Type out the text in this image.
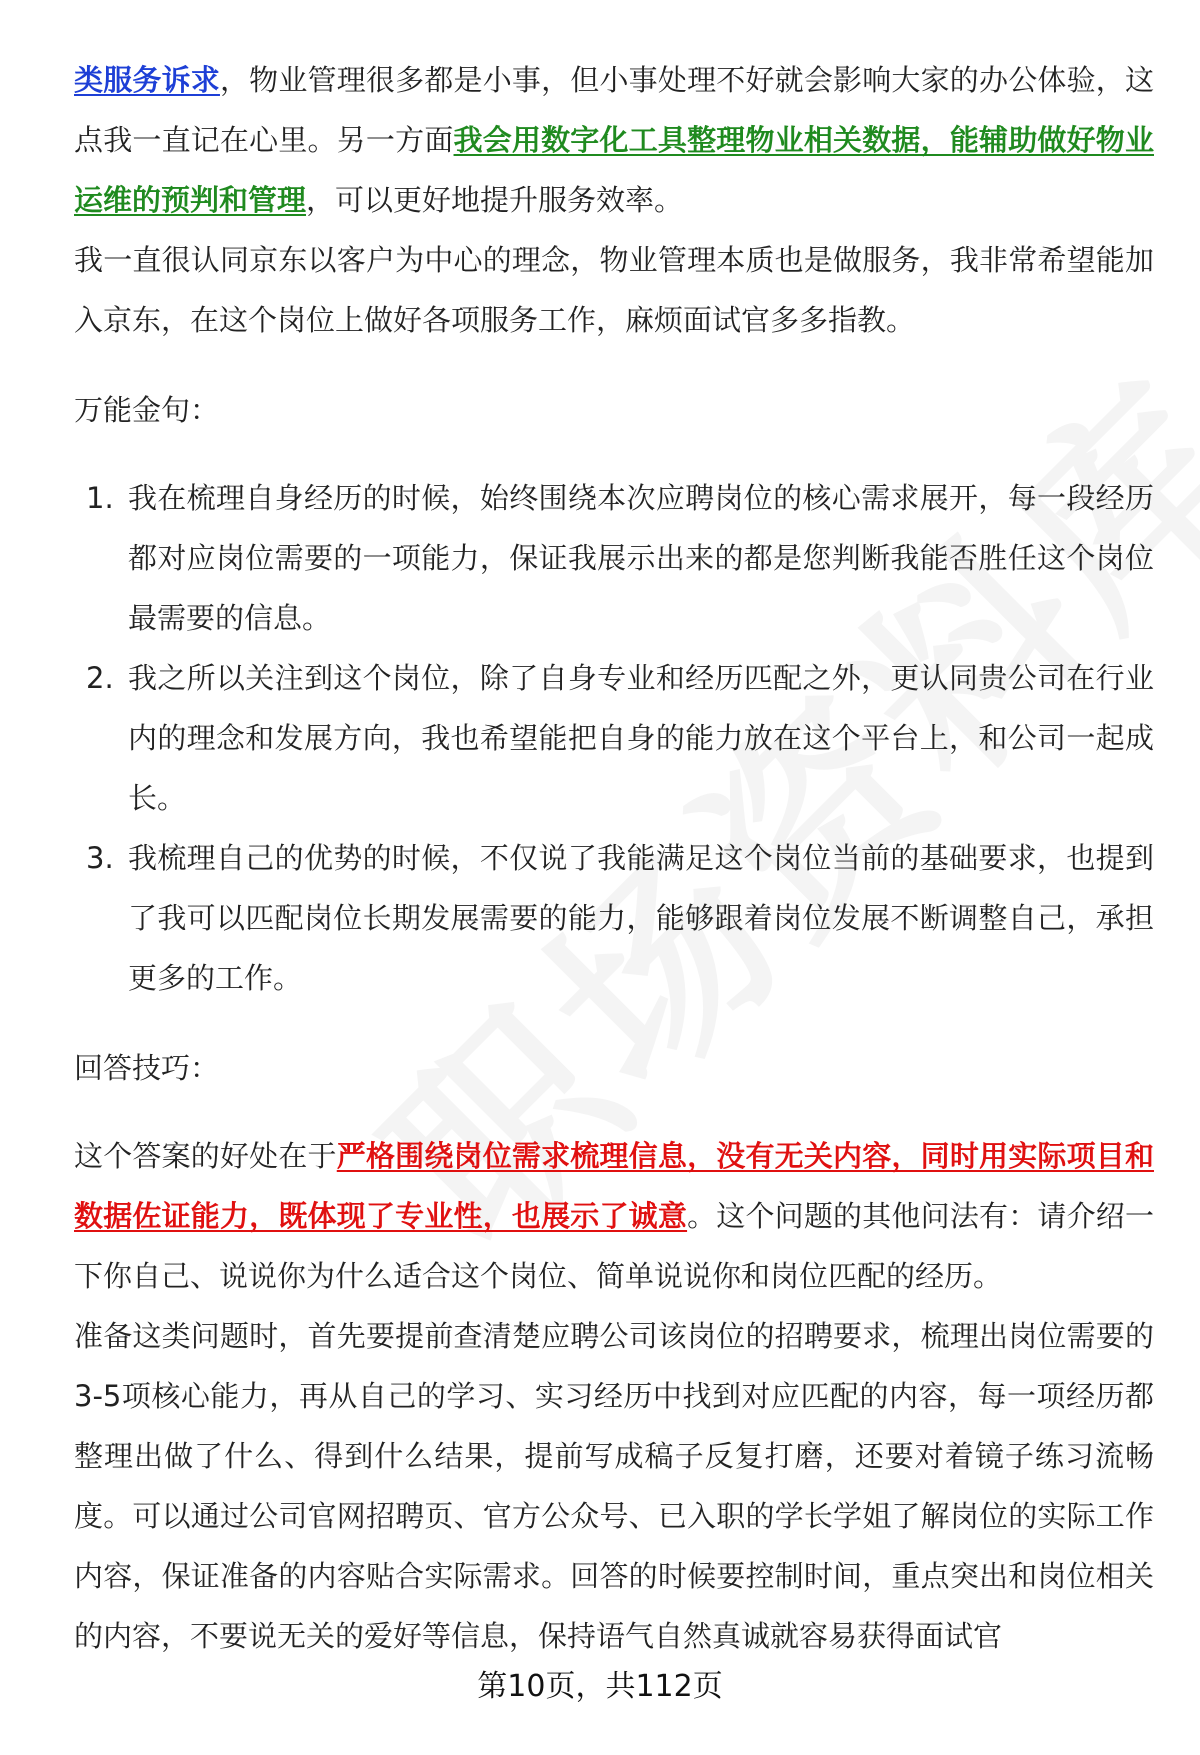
类服务诉求，物业管理很多都是小事，但小事处理不好就会影响大家的办公体验，这点我一直记在心里。另一方面我会用数字化工具整理物业相关数据，能辅助做好物业运维的预判和管理，可以更好地提升服务效率。

我一直很认同京东以客户为中心的理念，物业管理本质也是做服务，我非常希望能加入京东，在这个岗位上做好各项服务工作，麻烦面试官多多指教。

万能金句：

1. 我在梳理自身经历的时候，始终围绕本次应聘岗位的核心需求展开，每一段经历都对应岗位需要的一项能力，保证我展示出来的都是您判断我能否胜任这个岗位最需要的信息。
2. 我之所以关注到这个岗位，除了自身专业和经历匹配之外，更认同贵公司在行业内的理念和发展方向，我也希望能把自身的能力放在这个平台上，和公司一起成长。
3. 我梳理自己的优势的时候，不仅说了我能满足这个岗位当前的基础要求，也提到了我可以匹配岗位长期发展需要的能力，能够跟着岗位发展不断调整自己，承担更多的工作。

回答技巧：

这个答案的好处在于严格围绕岗位需求梳理信息，没有无关内容，同时用实际项目和数据佐证能力，既体现了专业性，也展示了诚意。这个问题的其他问法有：请介绍一下你自己、说说你为什么适合这个岗位、简单说说你和岗位匹配的经历。

准备这类问题时，首先要提前查清楚应聘公司该岗位的招聘要求，梳理出岗位需要的3-5项核心能力，再从自己的学习、实习经历中找到对应匹配的内容，每一项经历都整理出做了什么、得到什么结果，提前写成稿子反复打磨，还要对着镜子练习流畅度。可以通过公司官网招聘页、官方公众号、已入职的学长学姐了解岗位的实际工作内容，保证准备的内容贴合实际需求。回答的时候要控制时间，重点突出和岗位相关的内容，不要说无关的爱好等信息，保持语气自然真诚就容易获得面试官

第10页，共112页
